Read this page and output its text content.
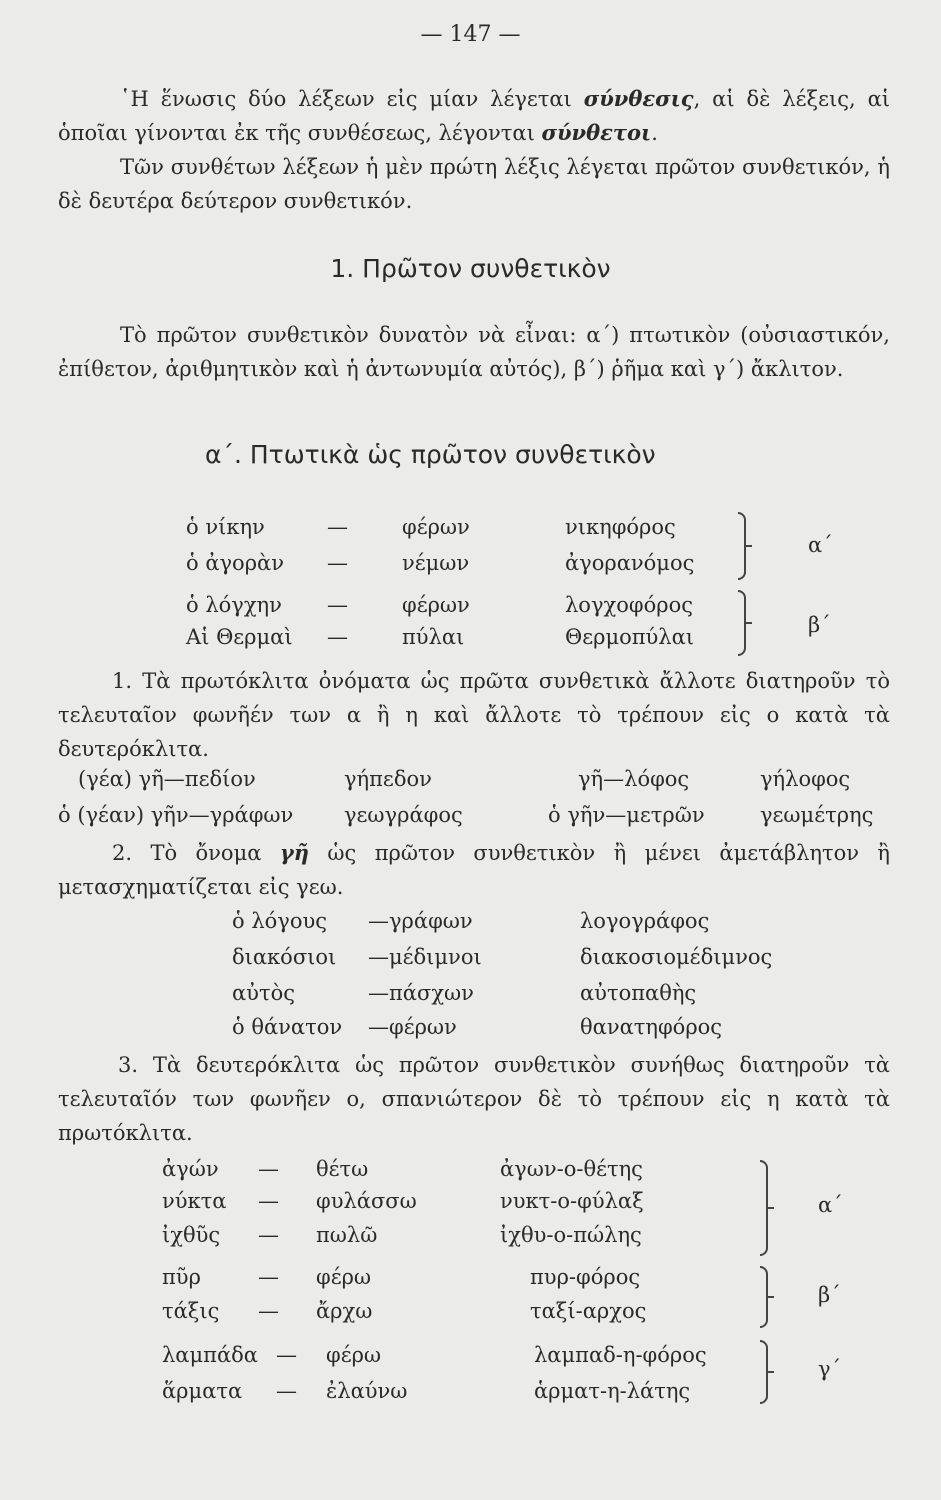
— 147 —
῾Η ἕνωσις δύο λέξεων εἰς μίαν λέγεται σύνθεσις, αἱ δὲ λέξεις, αἱ ὁποῖαι γίνονται ἐκ τῆς συνθέσεως, λέγονται σύνθετοι.
Τῶν συνθέτων λέξεων ἡ μὲν πρώτη λέξις λέγεται πρῶτον συνθετικόν, ἡ δὲ δευτέρα δεύτερον συνθετικόν.
1. Πρῶτον συνθετικὸν
Τὸ πρῶτον συνθετικὸν δυνατὸν νὰ εἶναι: α΄) πτωτικὸν (οὐσιαστικόν, ἐπίθετον, ἀριθμητικὸν καὶ ἡ ἀντωνυμία αὐτός), β΄) ῥῆμα καὶ γ΄) ἄκλιτον.
α΄. Πτωτικὰ ὡς πρῶτον συνθετικὸν
ὁ νίκην	—	φέρων	νικηφόρος
ὁ ἀγορὰν —	νέμων	ἀγορανόμος
ὁ λόγχην —	φέρων	λογχοφόρος
Αἱ Θερμαὶ —	πύλαι	Θερμοπύλαι
α΄
β΄
1. Τὰ πρωτόκλιτα ὀνόματα ὡς πρῶτα συνθετικὰ ἄλλοτε διατηροῦν τὸ τελευταῖον φωνῆέν των α ἢ η καὶ ἄλλοτε τὸ τρέπουν εἰς ο κατὰ τὰ δευτερόκλιτα.
(γέα) γῆ—πεδίον	γήπεδον	γῆ—λόφος	γήλοφος
ὁ (γέαν) γῆν—γράφων γεωγράφος	ὁ γῆν—μετρῶν	γεωμέτρης
2. Τὸ ὄνομα γῆ ὡς πρῶτον συνθετικὸν ἢ μένει ἀμετάβλητον ἢ μετασχηματίζεται εἰς γεω.
ὁ λόγους —γράφων	λογογράφος
διακόσιοι —μέδιμνοι	διακοσιομέδιμνος
αὐτὸς	—πάσχων	αὐτοπαθὴς
ὁ θάνατον —φέρων	θανατηφόρος
3. Τὰ δευτερόκλιτα ὡς πρῶτον συνθετικὸν συνήθως διατηροῦν τὰ τελευταῖόν των φωνῆεν ο, σπανιώτερον δὲ τὸ τρέπουν εἰς η κατὰ τὰ πρωτόκλιτα.
ἀγών — θέτω	ἀγων-ο-θέτης
νύκτα — φυλάσσω	νυκτ-ο-φύλαξ
ἰχθῦς — πωλῶ	ἰχθυ-ο-πώλης
πῦρ	— φέρω	πυρ-φόρος
τάξις — ἄρχω	ταξί-αρχος
λαμπάδα — φέρω	λαμπαδ-η-φόρος
ἅρματα — ἐλαύνω	ἁρματ-η-λάτης
α΄
β΄
γ΄
